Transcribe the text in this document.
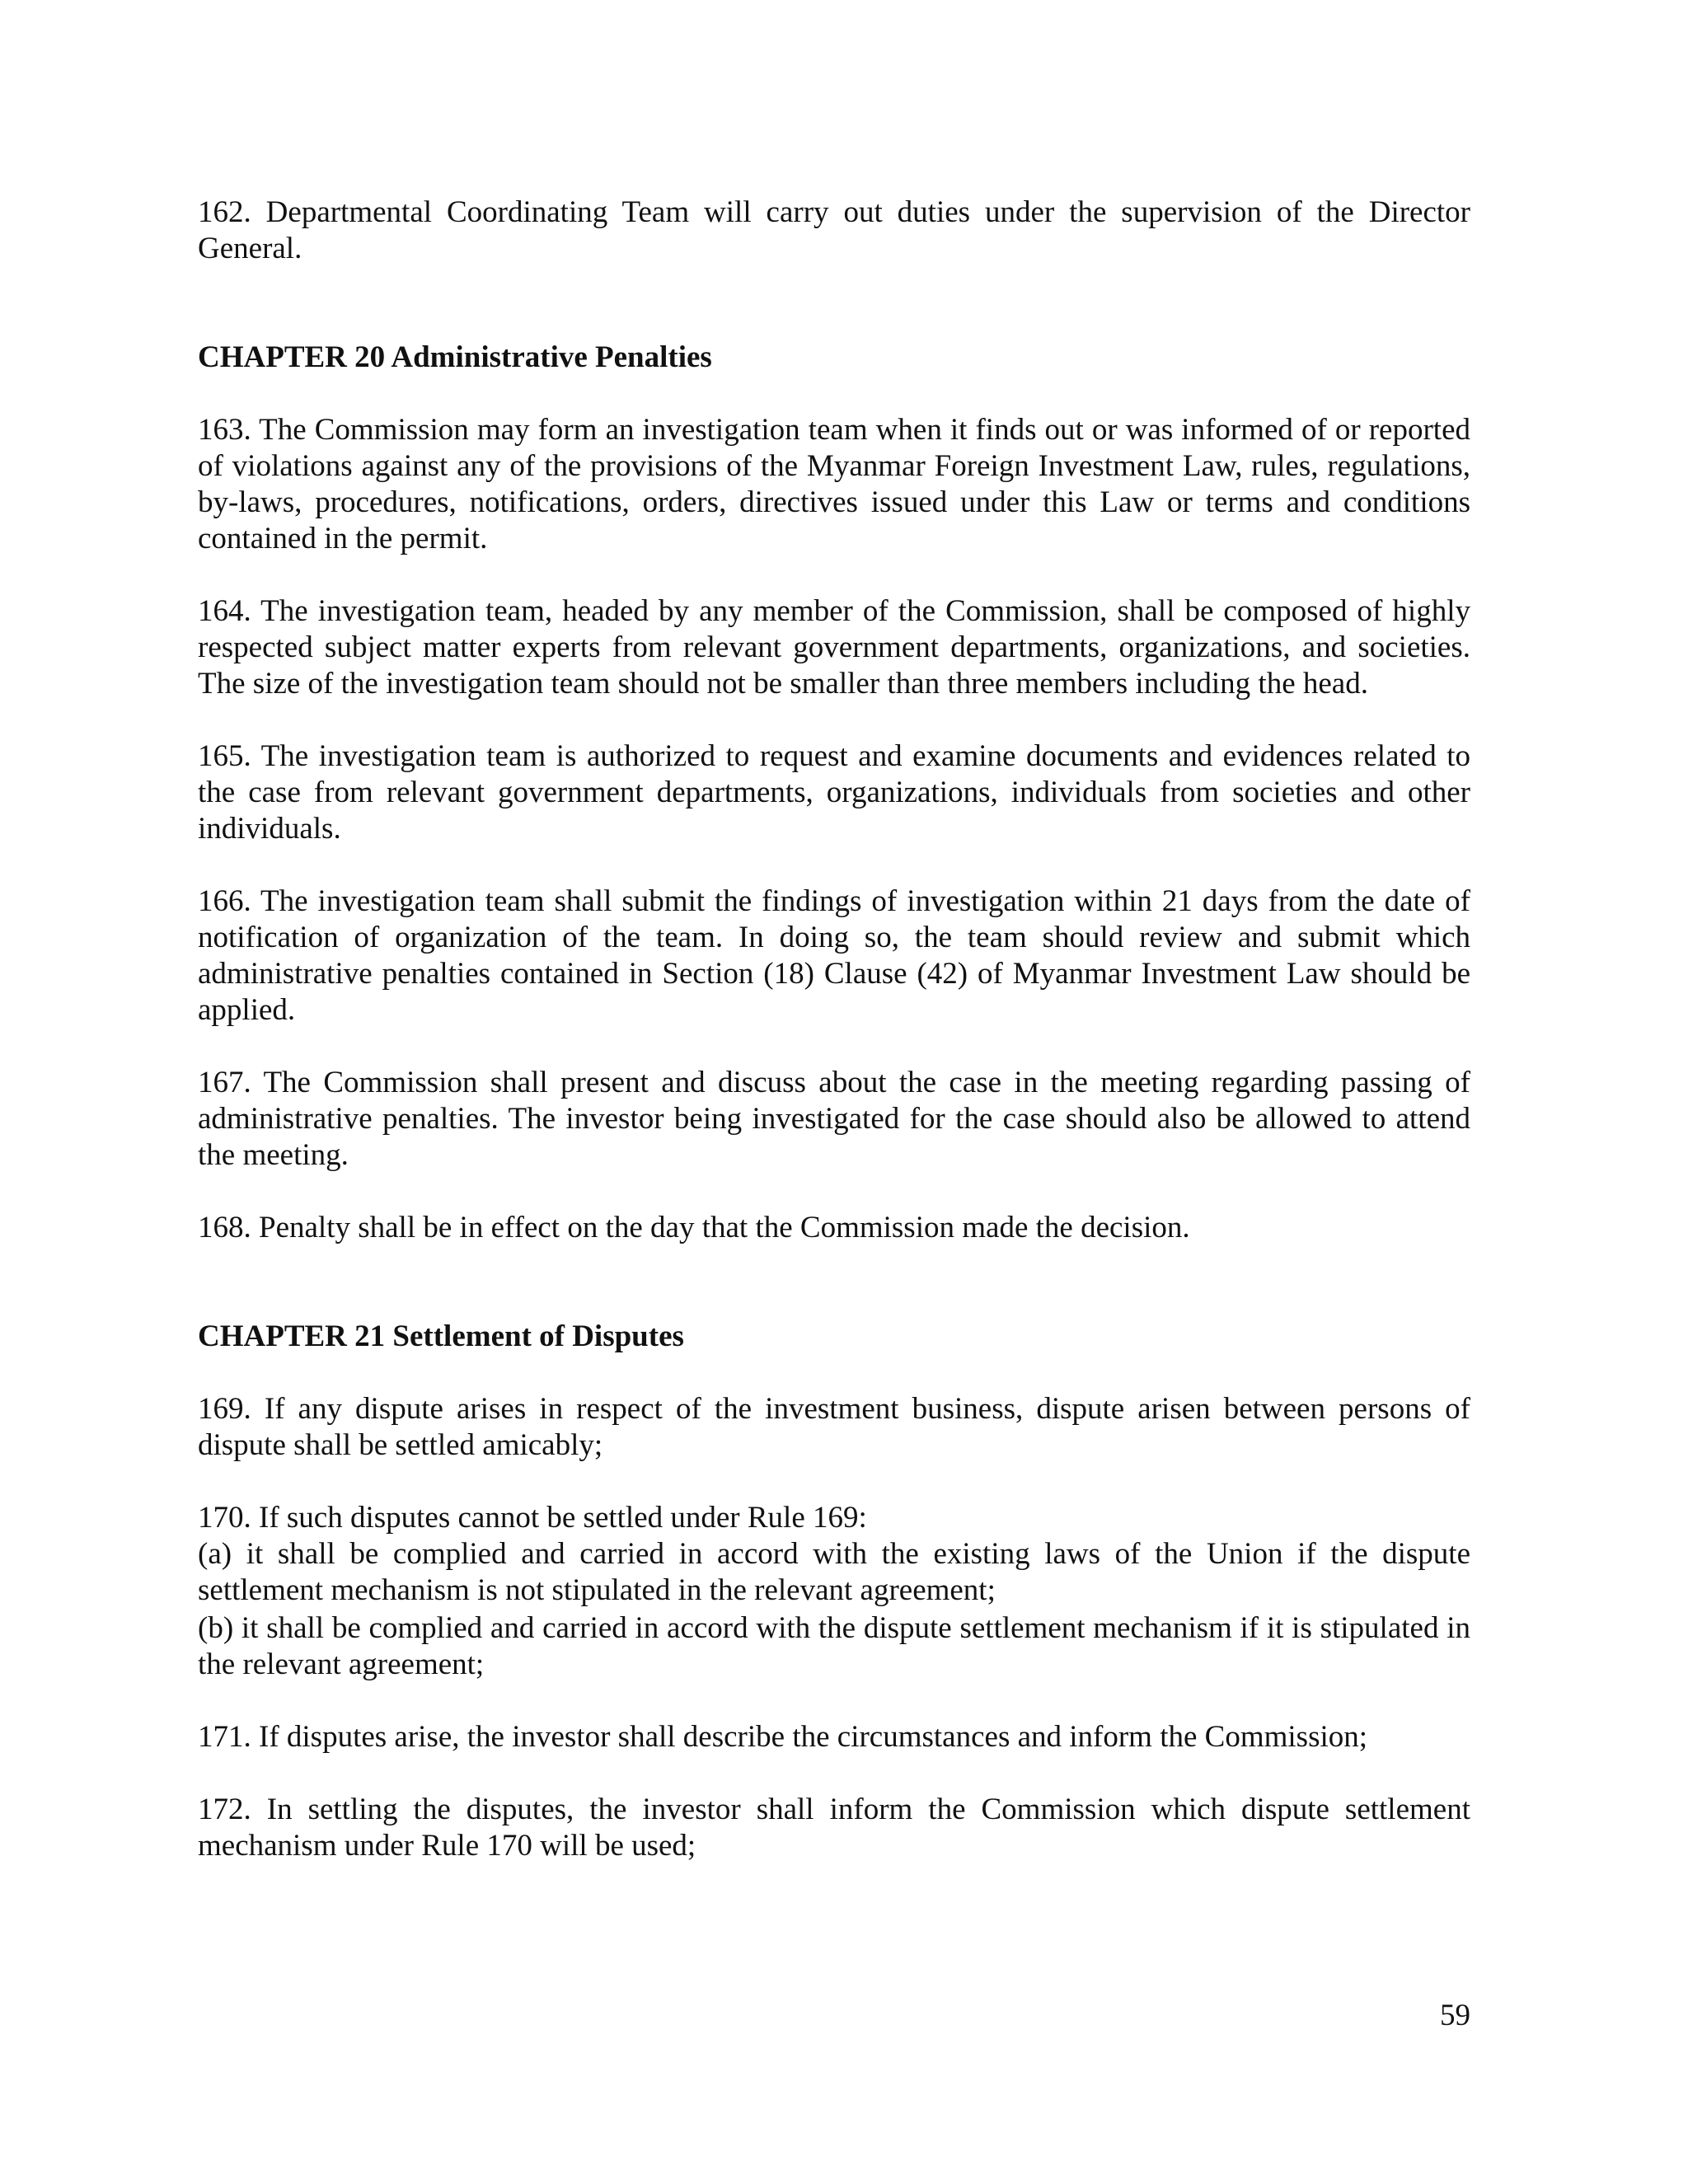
162. Departmental Coordinating Team will carry out duties under the supervision of the Director General.

CHAPTER 20 Administrative Penalties

163. The Commission may form an investigation team when it finds out or was informed of or reported of violations against any of the provisions of the Myanmar Foreign Investment Law, rules, regulations, by-laws, procedures, notifications, orders, directives issued under this Law or terms and conditions contained in the permit.

164. The investigation team, headed by any member of the Commission, shall be composed of highly respected subject matter experts from relevant government departments, organizations, and societies. The size of the investigation team should not be smaller than three members including the head.

165. The investigation team is authorized to request and examine documents and evidences related to the case from relevant government departments, organizations, individuals from societies and other individuals.

166. The investigation team shall submit the findings of investigation within 21 days from the date of notification of organization of the team. In doing so, the team should review and submit which administrative penalties contained in Section (18) Clause (42) of Myanmar Investment Law should be applied.

167. The Commission shall present and discuss about the case in the meeting regarding passing of administrative penalties. The investor being investigated for the case should also be allowed to attend the meeting.

168. Penalty shall be in effect on the day that the Commission made the decision.

CHAPTER 21 Settlement of Disputes

169. If any dispute arises in respect of the investment business, dispute arisen between persons of dispute shall be settled amicably;

170. If such disputes cannot be settled under Rule 169:

(a) it shall be complied and carried in accord with the existing laws of the Union if the dispute settlement mechanism is not stipulated in the relevant agreement;

(b) it shall be complied and carried in accord with the dispute settlement mechanism if it is stipulated in the relevant agreement;

171. If disputes arise, the investor shall describe the circumstances and inform the Commission;

172. In settling the disputes, the investor shall inform the Commission which dispute settlement mechanism under Rule 170 will be used;

59
